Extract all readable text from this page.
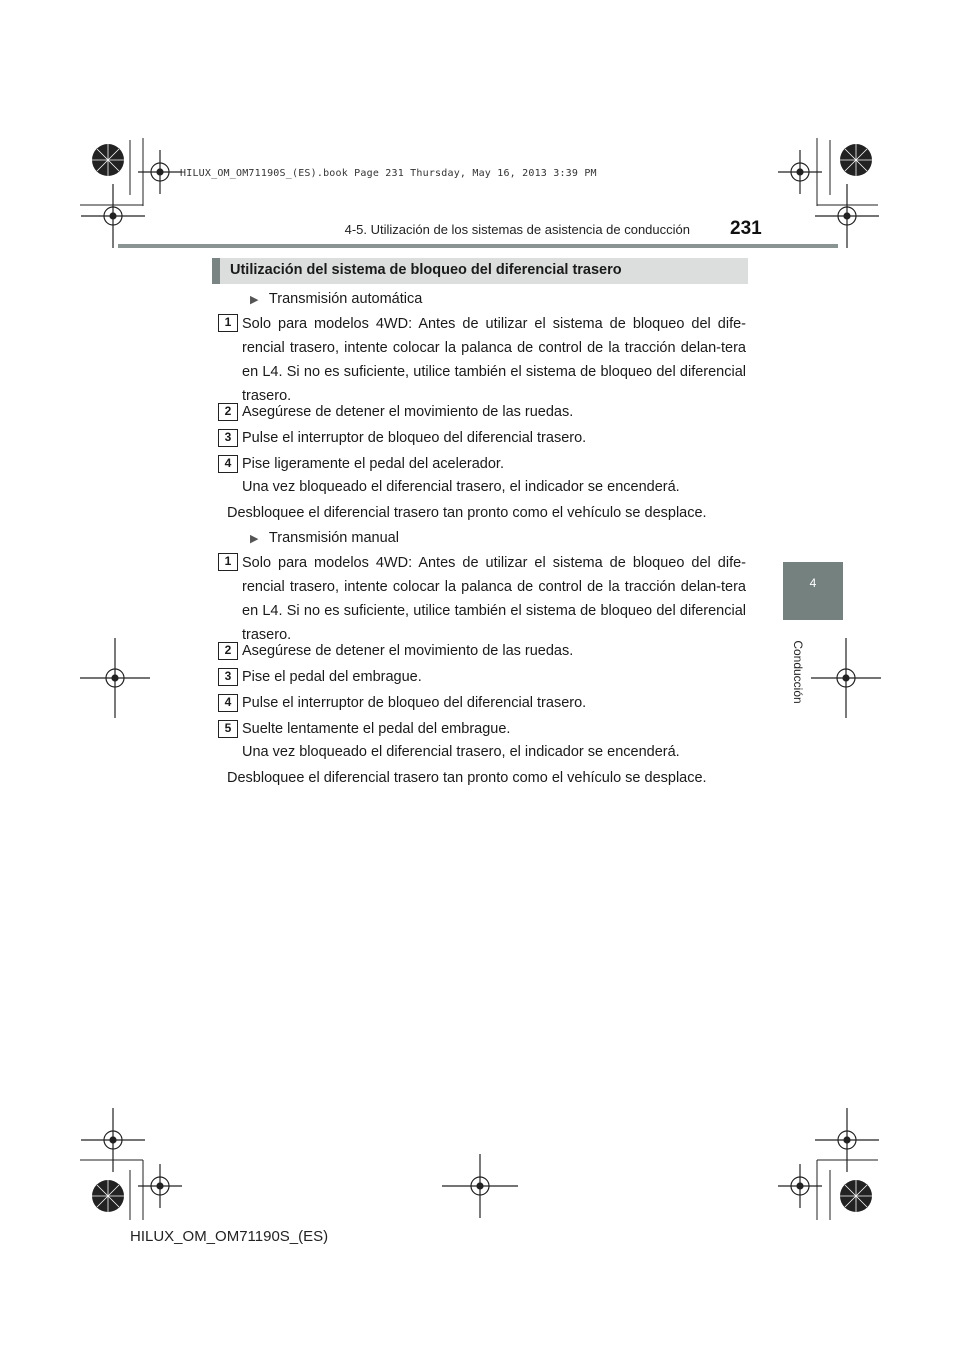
HILUX_OM_OM71190S_(ES).book Page 231 Thursday, May 16, 2013 3:39 PM
4-5. Utilización de los sistemas de asistencia de conducción 231
4
Conducción
Utilización del sistema de bloqueo del diferencial trasero
▶ Transmisión automática
1 Solo para modelos 4WD: Antes de utilizar el sistema de bloqueo del dife-rencial trasero, intente colocar la palanca de control de la tracción delan-tera en L4. Si no es suficiente, utilice también el sistema de bloqueo del diferencial trasero.
2 Asegúrese de detener el movimiento de las ruedas.
3 Pulse el interruptor de bloqueo del diferencial trasero.
4 Pise ligeramente el pedal del acelerador.
Una vez bloqueado el diferencial trasero, el indicador se encenderá.
Desbloquee el diferencial trasero tan pronto como el vehículo se desplace.
▶ Transmisión manual
1 Solo para modelos 4WD: Antes de utilizar el sistema de bloqueo del dife-rencial trasero, intente colocar la palanca de control de la tracción delan-tera en L4. Si no es suficiente, utilice también el sistema de bloqueo del diferencial trasero.
2 Asegúrese de detener el movimiento de las ruedas.
3 Pise el pedal del embrague.
4 Pulse el interruptor de bloqueo del diferencial trasero.
5 Suelte lentamente el pedal del embrague.
Una vez bloqueado el diferencial trasero, el indicador se encenderá.
Desbloquee el diferencial trasero tan pronto como el vehículo se desplace.
HILUX_OM_OM71190S_(ES)
